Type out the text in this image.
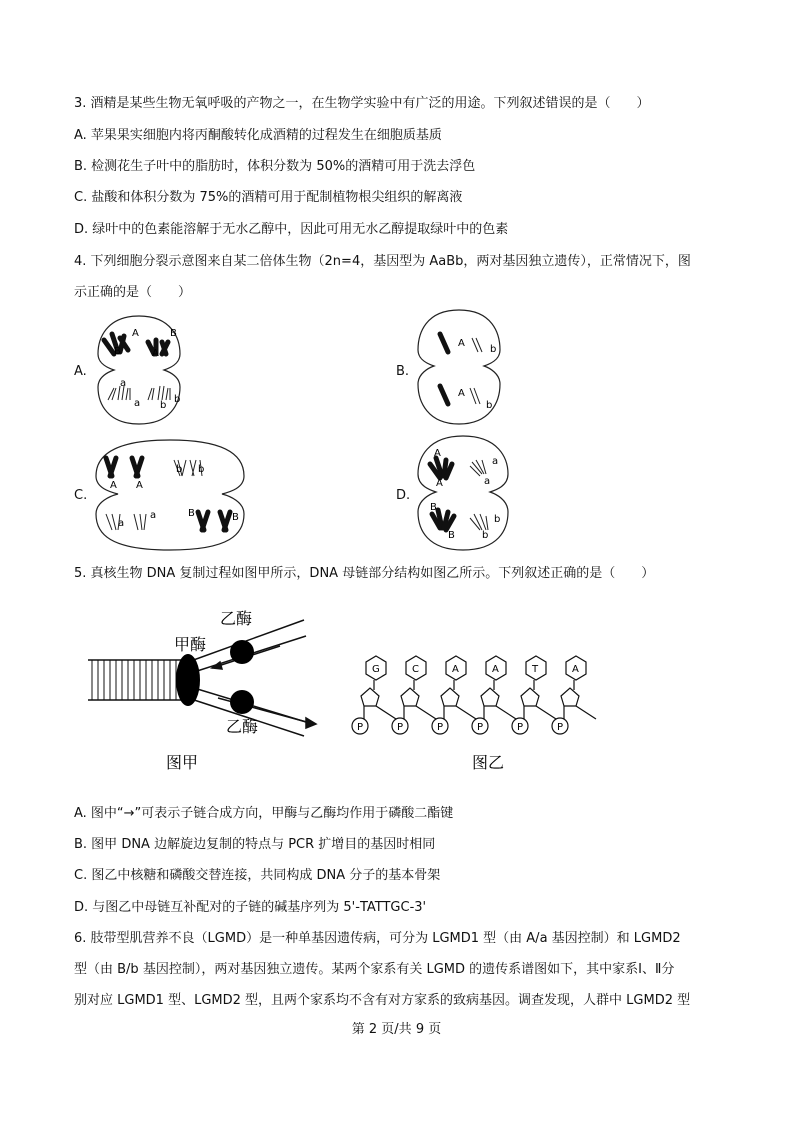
3. 酒精是某些生物无氧呼吸的产物之一，在生物学实验中有广泛的用途。下列叙述错误的是（　　）
A. 苹果果实细胞内将丙酮酸转化成酒精的过程发生在细胞质基质
B. 检测花生子叶中的脂肪时，体积分数为 50%的酒精可用于洗去浮色
C. 盐酸和体积分数为 75%的酒精可用于配制植物根尖组织的解离液
D. 绿叶中的色素能溶解于无水乙醇中，因此可用无水乙醇提取绿叶中的色素
4. 下列细胞分裂示意图来自某二倍体生物（2n=4，基因型为 AaBb，两对基因独立遗传），正常情况下，图
示正确的是（　　）
A.	B.
C.	D.
A	B
B	A
a
a	b
b
A
b
A
b
A A
b b
a
a	B	B
A
A
a
a
B
B
b
b
5. 真核生物 DNA 复制过程如图甲所示，DNA 母链部分结构如图乙所示。下列叙述正确的是（　　）
甲酶
乙酶
乙酶
图甲	图乙
G
P
C
P
A
P
A
P
T
P
A
P
A. 图中“→”可表示子链合成方向，甲酶与乙酶均作用于磷酸二酯键
B. 图甲 DNA 边解旋边复制的特点与 PCR 扩增目的基因时相同
C. 图乙中核糖和磷酸交替连接，共同构成 DNA 分子的基本骨架
D. 与图乙中母链互补配对的子链的碱基序列为 5'-TATTGC-3'
6. 肢带型肌营养不良（LGMD）是一种单基因遗传病，可分为 LGMD1 型（由 A/a 基因控制）和 LGMD2
型（由 B/b 基因控制），两对基因独立遗传。某两个家系有关 LGMD 的遗传系谱图如下，其中家系Ⅰ、Ⅱ分
别对应 LGMD1 型、LGMD2 型，且两个家系均不含有对方家系的致病基因。调查发现，人群中 LGMD2 型
第 2 页/共 9 页
